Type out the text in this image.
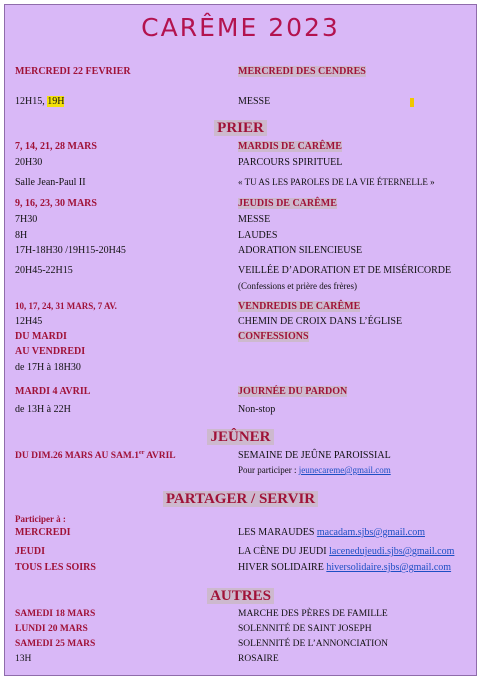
CARÊME 2023
MERCREDI 22 FEVRIER	MERCREDI DES CENDRES
12H15, 19H	MESSE
PRIER
7, 14, 21, 28 MARS	MARDIS DE CARÊME
20H30	PARCOURS SPIRITUEL
Salle Jean-Paul II	« TU AS LES PAROLES DE LA VIE ÉTERNELLE »
9, 16, 23, 30 MARS	JEUDIS DE CARÊME
7H30	MESSE
8H	LAUDES
17H-18H30 /19H15-20H45	ADORATION SILENCIEUSE
20H45-22H15	VEILLÉE D’ADORATION ET DE MISÉRICORDE
(Confessions et prière des frères)
10, 17, 24, 31 MARS, 7 AV.	VENDREDIS DE CARÊME
12H45	CHEMIN DE CROIX DANS L’ÉGLISE
DU MARDI	CONFESSIONS
AU VENDREDI
de 17H à 18H30
MARDI 4 AVRIL	JOURNÉE DU PARDON
de 13H à 22H	Non-stop
JEÛNER
DU DIM.26 MARS AU SAM.1er AVRIL	SEMAINE DE JEÛNE PAROISSIAL
Pour participer : jeunecareme@gmail.com
PARTAGER / SERVIR
Participer à :
MERCREDI	LES MARAUDES macadam.sjbs@gmail.com
JEUDI	LA CÈNE DU JEUDI lacenedujeudi.sjbs@gmail.com
TOUS LES SOIRS	HIVER SOLIDAIRE hiversolidaire.sjbs@gmail.com
AUTRES
SAMEDI 18 MARS	MARCHE DES PÈRES DE FAMILLE
LUNDI 20 MARS	SOLENNITÉ DE SAINT JOSEPH
SAMEDI 25 MARS	SOLENNITÉ DE L’ANNONCIATION
13H	ROSAIRE
